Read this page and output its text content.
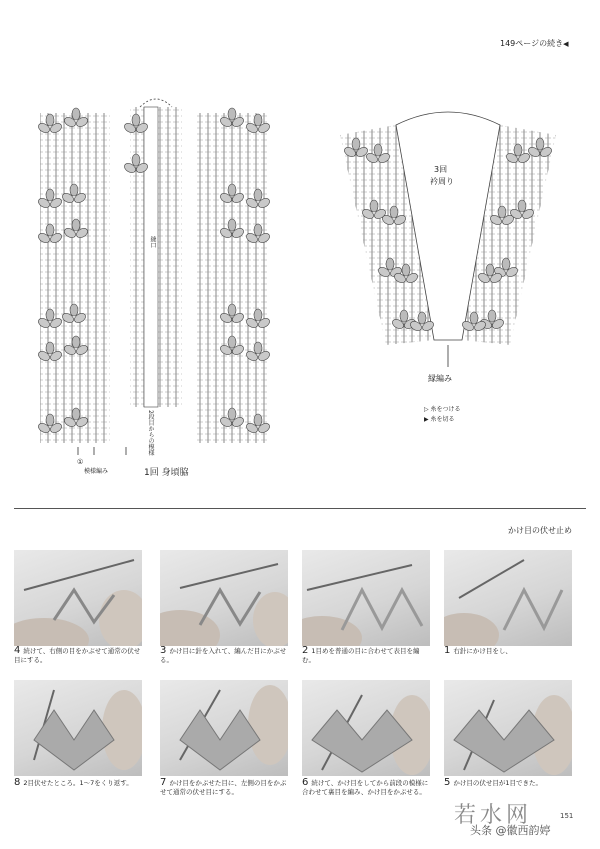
149ページの続き◀
縫口
2段目からの模様
①
模様編み	1回 身頃脇
3回
衿周り
縁編み
▷ 糸をつける
▶ 糸を切る
かけ目の伏せ止め
4 続けて、右側の目をかぶせて通常の伏せ目にする。
3 かけ目に針を入れて、編んだ目にかぶせる。
2 1目めを普通の目に合わせて表目を編む。
1 右針にかけ目をし、
8 2目伏せたところ。1〜7をくり返す。	7 かけ目をかぶせた目に、左側の目をかぶせて通常の伏せ目にする。
6 続けて、かけ目をしてから前段の模様に合わせて裏目を編み、かけ目をかぶせる。
5 かけ目の伏せ目が1目できた。
若水网
头条 @徽西韵婷
151
